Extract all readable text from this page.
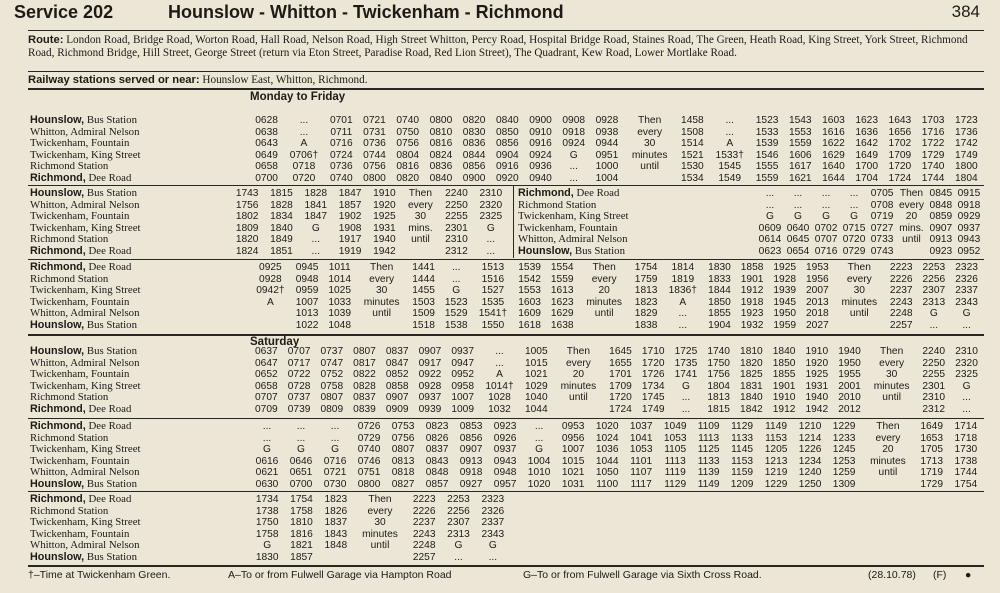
Service 202	Hounslow - Whitton - Twickenham - Richmond	384
Route: London Road, Bridge Road, Worton Road, Hall Road, Nelson Road, High Street Whitton, Percy Road, Hospital Bridge Road, Staines Road, The Green, Heath Road, King Street, York Street, Richmond Road, Richmond Bridge, Hill Street, George Street (return via Eton Street, Paradise Road, Red Lion Street), The Quadrant, Kew Road, Lower Mortlake Road.
Railway stations served or near: Hounslow East, Whitton, Richmond.
Monday to Friday
Hounslow, Bus Station	0628	...	0701	0721	0740	0800	0820	0840	0900	0908	0928	Then	1458	...	1523	1543	1603	1623	1643	1703	1723
Whitton, Admiral Nelson	0638	...	0711	0731	0750	0810	0830	0850	0910	0918	0938	every	1508	...	1533	1553	1616	1636	1656	1716	1736
Twickenham, Fountain	0643	A	0716	0736	0756	0816	0836	0856	0916	0924	0944	30	1514	A	1539	1559	1622	1642	1702	1722	1742
Twickenham, King Street	0649	0706†	0724	0744	0804	0824	0844	0904	0924	G	0951	minutes	1521	1533†	1546	1606	1629	1649	1709	1729	1749
Richmond Station	0658	0718	0736	0756	0816	0836	0856	0916	0936	...	1000	until	1530	1545	1555	1617	1640	1700	1720	1740	1800
Richmond, Dee Road	0700	0720	0740	0800	0820	0840	0900	0920	0940	...	1004		1534	1549	1559	1621	1644	1704	1724	1744	1804
Hounslow, Bus Station	1743	1815	1828	1847	1910	Then	2240	2310
Whitton, Admiral Nelson	1756	1828	1841	1857	1920	every	2250	2320
Twickenham, Fountain	1802	1834	1847	1902	1925	30	2255	2325
Twickenham, King Street	1809	1840	G	1908	1931	mins.	2301	G
Richmond Station	1820	1849	...	1917	1940	until	2310	...
Richmond, Dee Road	1824	1851	...	1919	1942		2312	...
Richmond, Dee Road	...	...	...	...	0705	Then	0845	0915
Richmond Station	...	...	...	...	0708	every	0848	0918
Twickenham, King Street	G	G	G	G	0719	20	0859	0929
Twickenham, Fountain	0609	0640	0702	0715	0727	mins.	0907	0937
Whitton, Admiral Nelson	0614	0645	0707	0720	0733	until	0913	0943
Hounslow, Bus Station	0623	0654	0716	0729	0743		0923	0952
Richmond, Dee Road	0925	0945	1011	Then	1441	...	1513	1539	1554	Then	1754	1814	1830	1858	1925	1953	Then	2223	2253	2323
Richmond Station	0928	0948	1014	every	1444	...	1516	1542	1559	every	1759	1819	1833	1901	1928	1956	every	2226	2256	2326
Twickenham, King Street	0942†	0959	1025	30	1455	G	1527	1553	1613	20	1813	1836†	1844	1912	1939	2007	30	2237	2307	2337
Twickenham, Fountain	A	1007	1033	minutes	1503	1523	1535	1603	1623	minutes	1823	A	1850	1918	1945	2013	minutes	2243	2313	2343
Whitton, Admiral Nelson		1013	1039	until	1509	1529	1541†	1609	1629	until	1829	...	1855	1923	1950	2018	until	2248	G	G
Hounslow, Bus Station		1022	1048		1518	1538	1550	1618	1638		1838	...	1904	1932	1959	2027		2257	...	...
Saturday
Hounslow, Bus Station	0637	0707	0737	0807	0837	0907	0937	...	1005	Then	1645	1710	1725	1740	1810	1840	1910	1940	Then	2240	2310
Whitton, Admiral Nelson	0647	0717	0747	0817	0847	0917	0947	...	1015	every	1655	1720	1735	1750	1820	1850	1920	1950	every	2250	2320
Twickenham, Fountain	0652	0722	0752	0822	0852	0922	0952	A	1021	20	1701	1726	1741	1756	1825	1855	1925	1955	30	2255	2325
Twickenham, King Street	0658	0728	0758	0828	0858	0928	0958	1014†	1029	minutes	1709	1734	G	1804	1831	1901	1931	2001	minutes	2301	G
Richmond Station	0707	0737	0807	0837	0907	0937	1007	1028	1040	until	1720	1745	...	1813	1840	1910	1940	2010	until	2310	...
Richmond, Dee Road	0709	0739	0809	0839	0909	0939	1009	1032	1044		1724	1749	...	1815	1842	1912	1942	2012		2312	...
Richmond, Dee Road	...	...	...	0726	0753	0823	0853	0923	...	0953	1020	1037	1049	1109	1129	1149	1210	1229	Then	1649	1714
Richmond Station	...	...	...	0729	0756	0826	0856	0926	...	0956	1024	1041	1053	1113	1133	1153	1214	1233	every	1653	1718
Twickenham, King Street	G	G	G	0740	0807	0837	0907	0937	G	1007	1036	1053	1105	1125	1145	1205	1226	1245	20	1705	1730
Twickenham, Fountain	0616	0646	0716	0746	0813	0843	0913	0943	1004	1015	1044	1101	1113	1133	1153	1213	1234	1253	minutes	1713	1738
Whitton, Admiral Nelson	0621	0651	0721	0751	0818	0848	0918	0948	1010	1021	1050	1107	1119	1139	1159	1219	1240	1259	until	1719	1744
Hounslow, Bus Station	0630	0700	0730	0800	0827	0857	0927	0957	1020	1031	1100	1117	1129	1149	1209	1229	1250	1309		1729	1754
Richmond, Dee Road	1734	1754	1823	Then	2223	2253	2323
Richmond Station	1738	1758	1826	every	2226	2256	2326
Twickenham, King Street	1750	1810	1837	30	2237	2307	2337
Twickenham, Fountain	1758	1816	1843	minutes	2243	2313	2343
Whitton, Admiral Nelson	G	1821	1848	until	2248	G	G
Hounslow, Bus Station	1830	1857			2257	...	...
†–Time at Twickenham Green.	A–To or from Fulwell Garage via Hampton Road	G–To or from Fulwell Garage via Sixth Cross Road.	(28.10.78) (F) ●
